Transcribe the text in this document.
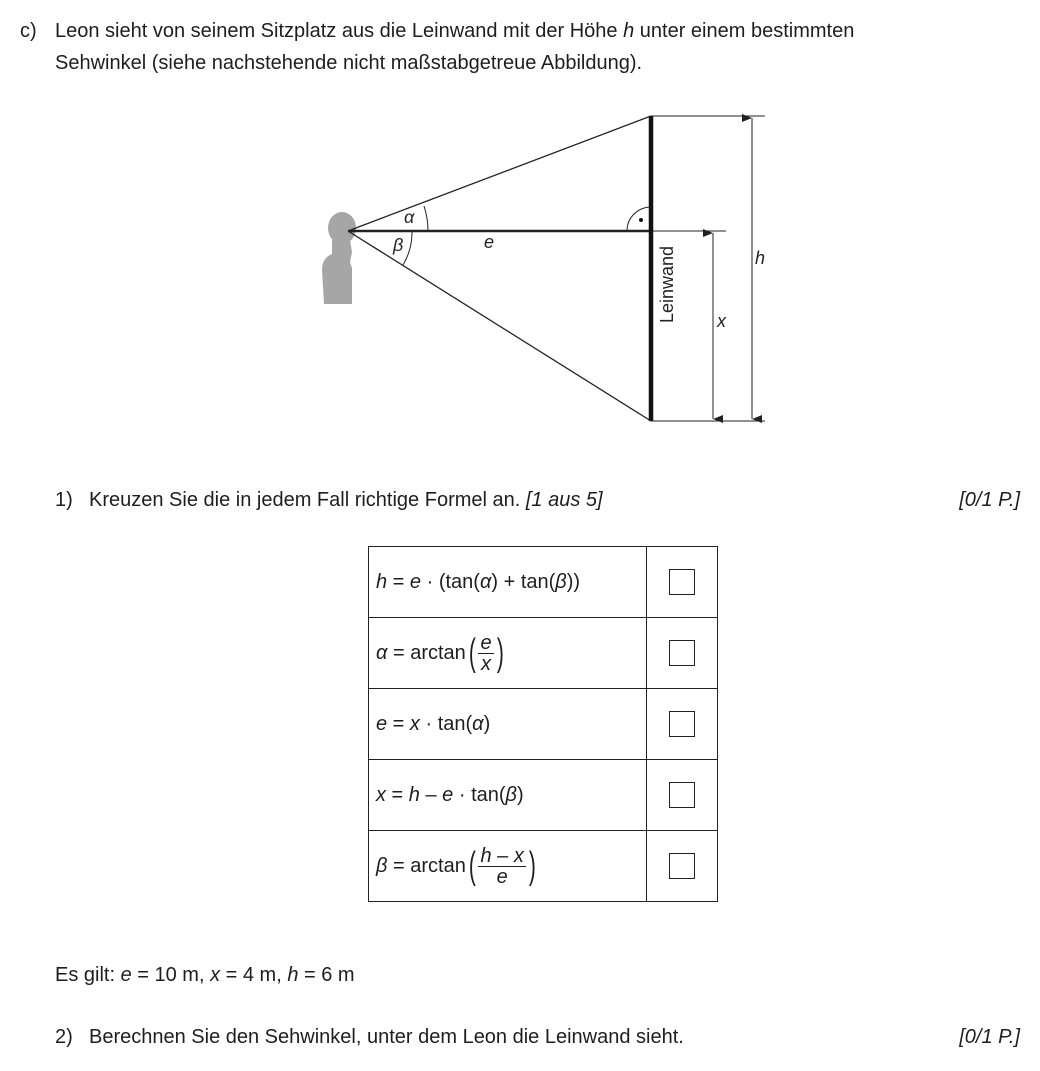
c) Leon sieht von seinem Sitzplatz aus die Leinwand mit der Höhe h unter einem bestimmten
Sehwinkel (siehe nachstehende nicht maßstabgetreue Abbildung).
α
β	e
h
x
Leinwand
1) Kreuzen Sie die in jedem Fall richtige Formel an. [1 aus 5]	[0/1 P.]
h = e · (tan(α) + tan(β))	
$\alpha = \arctan( \frac{e}{x}$ )	
e = x · tan(α)	
x = h – e · tan(β)	
$\beta = \arctan( \frac{h - x}{e}$ )	
Es gilt: e = 10 m, x = 4 m, h = 6 m
2) Berechnen Sie den Sehwinkel, unter dem Leon die Leinwand sieht.	[0/1 P.]
